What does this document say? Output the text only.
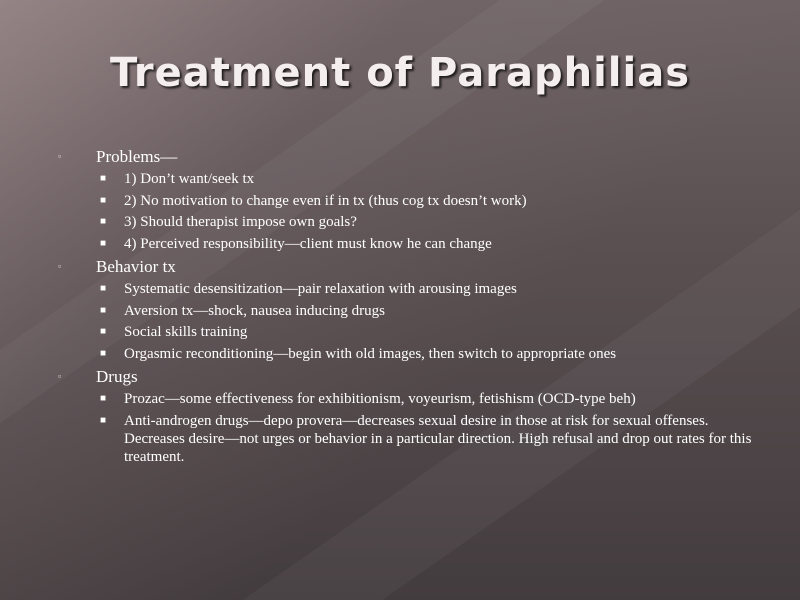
Treatment of Paraphilias

▫	Problems—

■	1) Don’t want/seek tx

■	2) No motivation to change even if in tx (thus cog tx doesn’t work)

■	3) Should therapist impose own goals?

■	4) Perceived responsibility—client must know he can change

▫	Behavior tx

■	Systematic desensitization—pair relaxation with arousing images

■	Aversion tx—shock, nausea inducing drugs

■	Social skills training

■	Orgasmic reconditioning—begin with old images, then switch to appropriate ones

▫	Drugs

■	Prozac—some effectiveness for exhibitionism, voyeurism, fetishism (OCD-type beh)

■	Anti-androgen drugs—depo provera—decreases sexual desire in those at risk for sexual offenses. Decreases desire—not urges or behavior in a particular direction. High refusal and drop out rates for this treatment.
